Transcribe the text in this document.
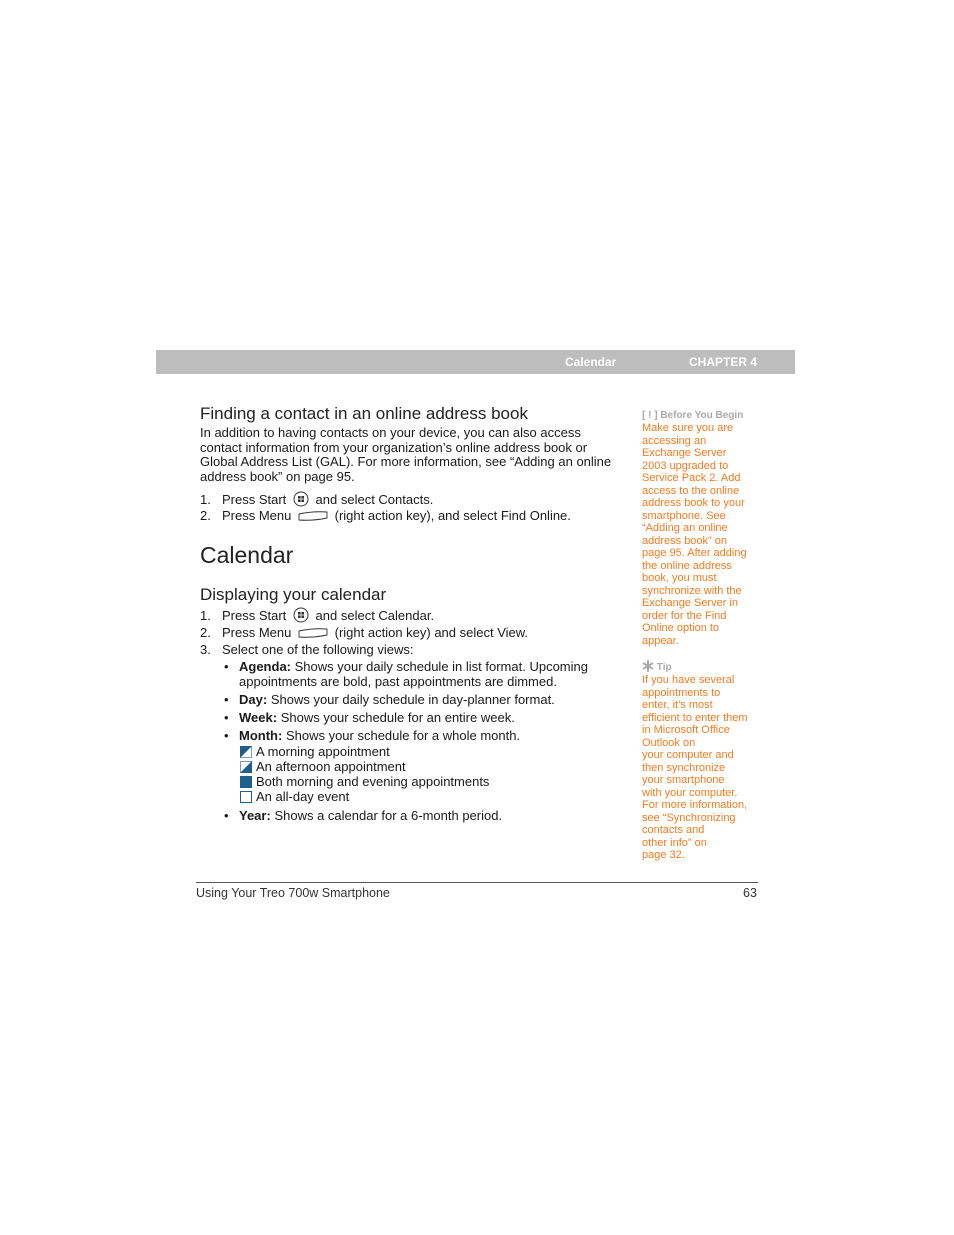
Calendar	CHAPTER 4
Finding a contact in an online address book

In addition to having contacts on your device, you can also access contact information from your organization’s online address book or Global Address List (GAL). For more information, see “Adding an online address book” on page 95.

1. Press Start and select Contacts.
2. Press Menu	(right action key), and select Find Online.
Calendar
Displaying your calendar
1. Press Start and select Calendar.
2. Press Menu	(right action key) and select View.
3. Select one of the following views:
• Agenda: Shows your daily schedule in list format. Upcoming appointments are bold, past appointments are dimmed.
• Day: Shows your daily schedule in day-planner format.
• Week: Shows your schedule for an entire week.
• Month: Shows your schedule for a whole month.
A morning appointment
An afternoon appointment
Both morning and evening appointments
An all-day event
• Year: Shows a calendar for a 6-month period.
[ ! ] Before You Begin
Make sure you are
accessing an
Exchange Server
2003 upgraded to
Service Pack 2. Add
access to the online
address book to your
smartphone. See
“Adding an online
address book” on
page 95. After adding
the online address
book, you must
synchronize with the
Exchange Server in
order for the Find
Online option to
appear.
Tip
If you have several
appointments to
enter, it’s most
efficient to enter them
in Microsoft Office
Outlook on
your computer and
then synchronize
your smartphone
with your computer.
For more information,
see “Synchronizing
contacts and
other info” on
page 32.
Using Your Treo 700w Smartphone	63
